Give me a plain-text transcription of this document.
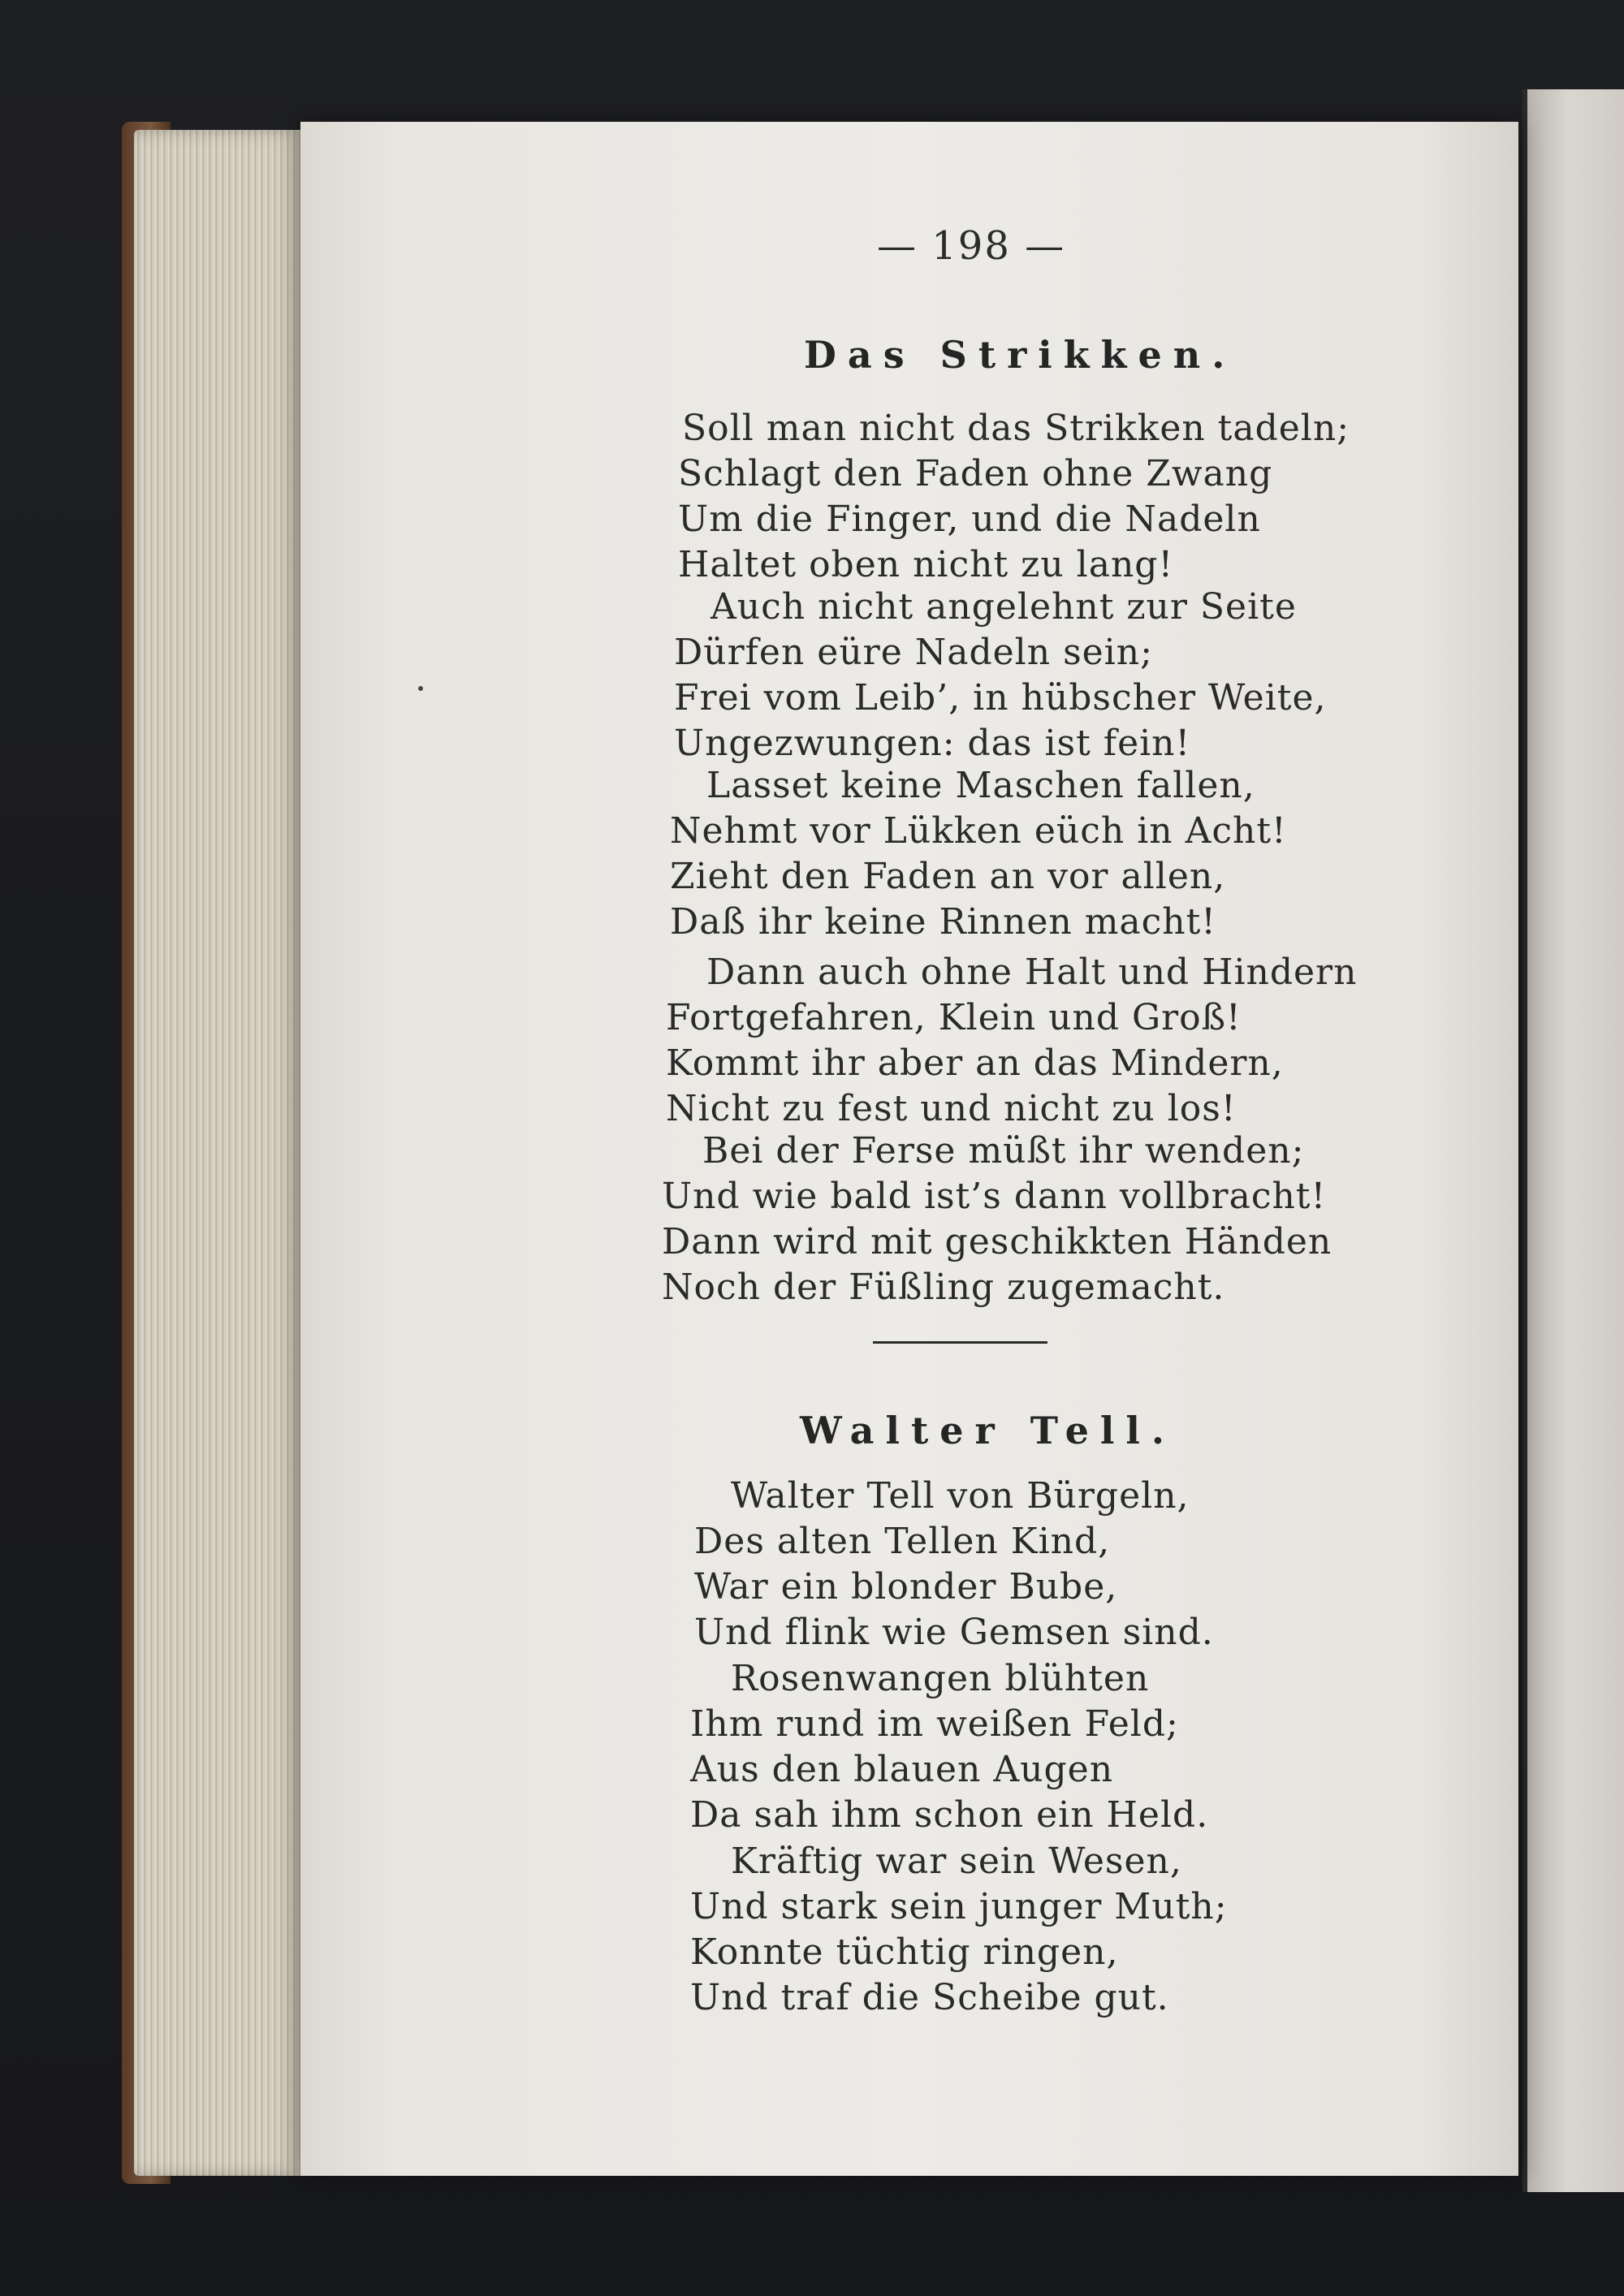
— 198 —
Das Strikken.
Soll man nicht das Strikken tadeln;
Schlagt den Faden ohne Zwang
Um die Finger, und die Nadeln
Haltet oben nicht zu lang!
Auch nicht angelehnt zur Seite
Dürfen eüre Nadeln sein;
Frei vom Leib’, in hübscher Weite,
Ungezwungen: das ist fein!
Lasset keine Maschen fallen,
Nehmt vor Lükken eüch in Acht!
Zieht den Faden an vor allen,
Daß ihr keine Rinnen macht!
Dann auch ohne Halt und Hindern
Fortgefahren, Klein und Groß!
Kommt ihr aber an das Mindern,
Nicht zu fest und nicht zu los!
Bei der Ferse müßt ihr wenden;
Und wie bald ist’s dann vollbracht!
Dann wird mit geschikkten Händen
Noch der Füßling zugemacht.
Walter Tell.
Walter Tell von Bürgeln,
Des alten Tellen Kind,
War ein blonder Bube,
Und flink wie Gemsen sind.
Rosenwangen blühten
Ihm rund im weißen Feld;
Aus den blauen Augen
Da sah ihm schon ein Held.
Kräftig war sein Wesen,
Und stark sein junger Muth;
Konnte tüchtig ringen,
Und traf die Scheibe gut.
